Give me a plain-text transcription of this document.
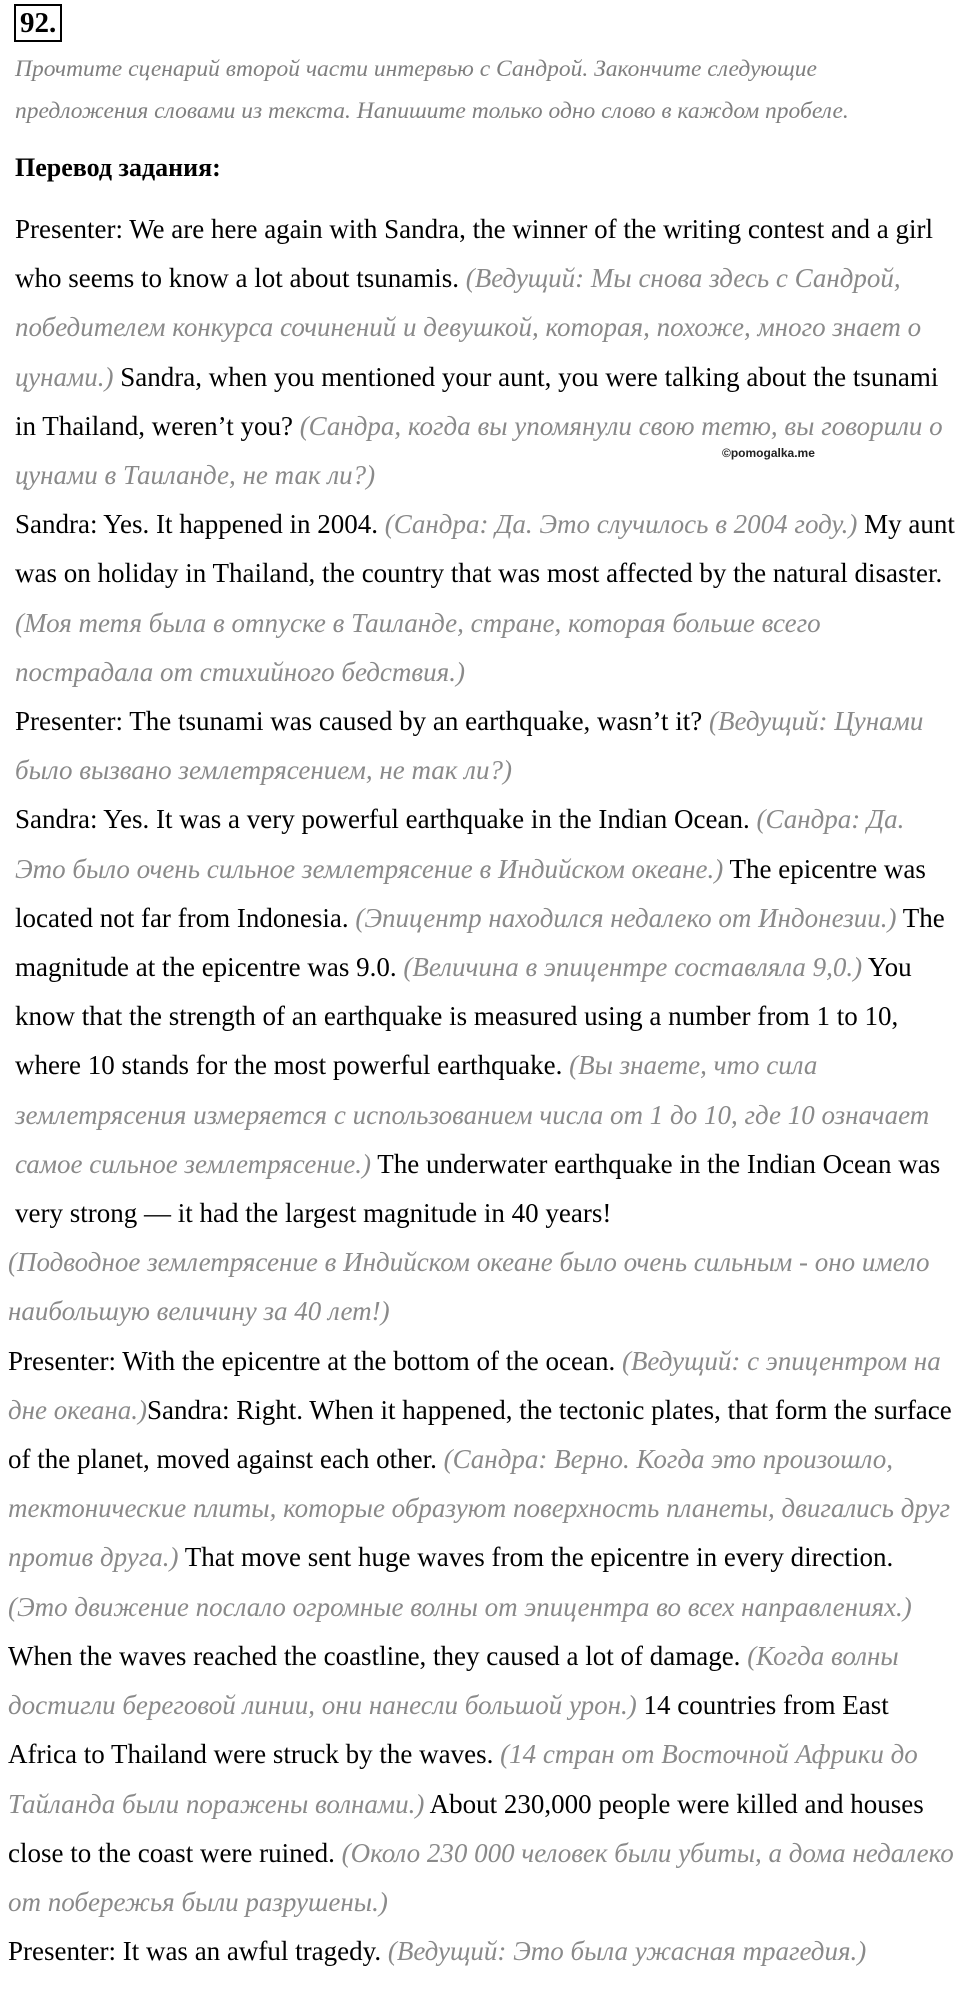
92.
Прочтите сценарий второй части интервью с Сандрой. Закончите следующие предложения словами из текста. Напишите только одно слово в каждом пробеле.
Перевод задания:

Presenter: We are here again with Sandra, the winner of the writing contest and a girl who seems to know a lot about tsunamis. (Ведущий: Мы снова здесь с Сандрой, победителем конкурса сочинений и девушкой, которая, похоже, много знает о цунами.) Sandra, when you mentioned your aunt, you were talking about the tsunami in Thailand, weren’t you? (Сандра, когда вы упомянули свою тетю, вы говорили о цунами в Таиланде, не так ли?)

Sandra: Yes. It happened in 2004. (Сандра: Да. Это случилось в 2004 году.) My aunt was on holiday in Thailand, the country that was most affected by the natural disaster. (Моя тетя была в отпуске в Таиланде, стране, которая больше всего пострадала от стихийного бедствия.)

Presenter: The tsunami was caused by an earthquake, wasn’t it? (Ведущий: Цунами было вызвано землетрясением, не так ли?)

Sandra: Yes. It was a very powerful earthquake in the Indian Ocean. (Сандра: Да. Это было очень сильное землетрясение в Индийском океане.) The epicentre was located not far from Indonesia. (Эпицентр находился недалеко от Индонезии.) The magnitude at the epicentre was 9.0. (Величина в эпицентре составляла 9,0.) You know that the strength of an earthquake is measured using a number from 1 to 10, where 10 stands for the most powerful earthquake. (Вы знаете, что сила землетрясения измеряется с использованием числа от 1 до 10, где 10 означает самое сильное землетрясение.) The underwater earthquake in the Indian Ocean was very strong — it had the largest magnitude in 40 years!

(Подводное землетрясение в Индийском океане было очень сильным - оно имело наибольшую величину за 40 лет!)

Presenter: With the epicentre at the bottom of the ocean. (Ведущий: с эпицентром на дне океана.)Sandra: Right. When it happened, the tectonic plates, that form the surface of the planet, moved against each other. (Сандра: Верно. Когда это произошло, тектонические плиты, которые образуют поверхность планеты, двигались друг против друга.) That move sent huge waves from the epicentre in every direction. (Это движение послало огромные волны от эпицентра во всех направлениях.) When the waves reached the coastline, they caused a lot of damage. (Когда волны достигли береговой линии, они нанесли большой урон.) 14 countries from East Africa to Thailand were struck by the waves. (14 стран от Восточной Африки до Тайланда были поражены волнами.) About 230,000 people were killed and houses close to the coast were ruined. (Около 230 000 человек были убиты, а дома недалеко от побережья были разрушены.)

Presenter: It was an awful tragedy. (Ведущий: Это была ужасная трагедия.)

©pomogalka.me
